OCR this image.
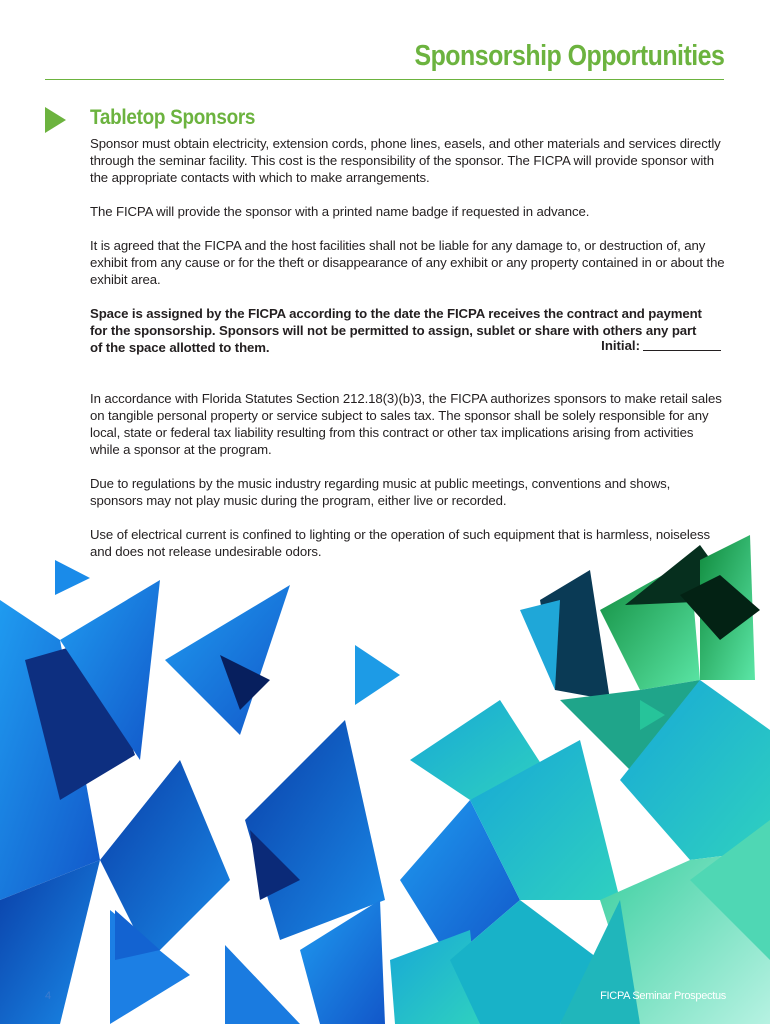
Sponsorship Opportunities
Tabletop Sponsors
Sponsor must obtain electricity, extension cords, phone lines, easels, and other materials and services directly through the seminar facility. This cost is the responsibility of the sponsor. The FICPA will provide sponsor with the appropriate contacts with which to make arrangements.
The FICPA will provide the sponsor with a printed name badge if requested in advance.
It is agreed that the FICPA and the host facilities shall not be liable for any damage to, or destruction of, any exhibit from any cause or for the theft or disappearance of any exhibit or any property contained in or about the exhibit area.
Space is assigned by the FICPA according to the date the FICPA receives the contract and payment for the sponsorship. Sponsors will not be permitted to assign, sublet or share with others any part of the space allotted to them.	Initial:
In accordance with Florida Statutes Section 212.18(3)(b)3, the FICPA authorizes sponsors to make retail sales on tangible personal property or service subject to sales tax. The sponsor shall be solely responsible for any local, state or federal tax liability resulting from this contract or other tax implications arising from activities while a sponsor at the program.
Due to regulations by the music industry regarding music at public meetings, conventions and shows, sponsors may not play music during the program, either live or recorded.
Use of electrical current is confined to lighting or the operation of such equipment that is harmless, noiseless and does not release undesirable odors.
4	FICPA Seminar Prospectus
